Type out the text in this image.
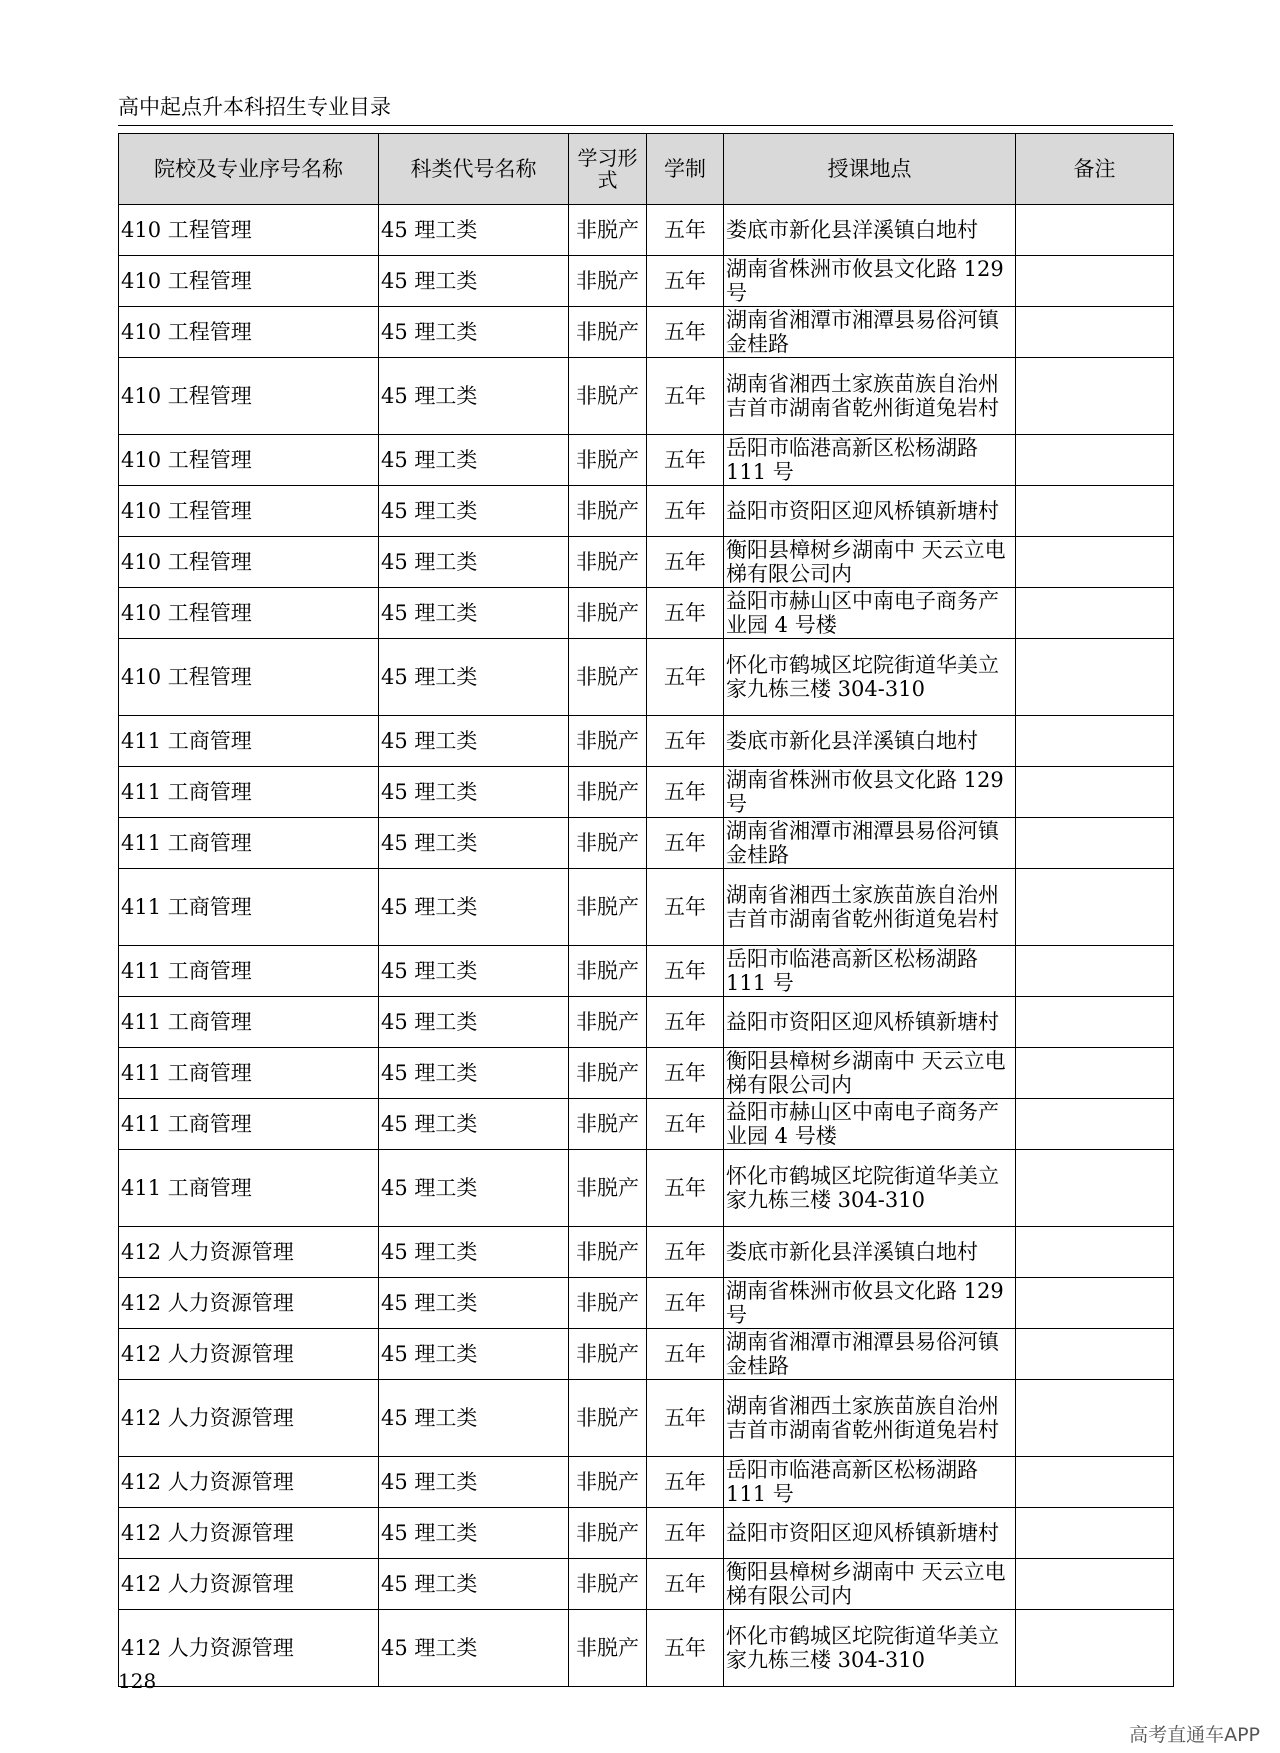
高中起点升本科招生专业目录
院校及专业序号名称	科类代号名称	学习形式	学制	授课地点	备注
410 工程管理	45 理工类	非脱产	五年	娄底市新化县洋溪镇白地村	
410 工程管理	45 理工类	非脱产	五年	湖南省株洲市攸县文化路 129 号	
410 工程管理	45 理工类	非脱产	五年	湖南省湘潭市湘潭县易俗河镇金桂路	
410 工程管理	45 理工类	非脱产	五年	湖南省湘西土家族苗族自治州吉首市湖南省乾州街道兔岩村	
410 工程管理	45 理工类	非脱产	五年	岳阳市临港高新区松杨湖路 111 号	
410 工程管理	45 理工类	非脱产	五年	益阳市资阳区迎风桥镇新塘村	
410 工程管理	45 理工类	非脱产	五年	衡阳县樟树乡湖南中 天云立电梯有限公司内	
410 工程管理	45 理工类	非脱产	五年	益阳市赫山区中南电子商务产业园 4 号楼	
410 工程管理	45 理工类	非脱产	五年	怀化市鹤城区坨院街道华美立家九栋三楼 304-310	
411 工商管理	45 理工类	非脱产	五年	娄底市新化县洋溪镇白地村	
411 工商管理	45 理工类	非脱产	五年	湖南省株洲市攸县文化路 129 号	
411 工商管理	45 理工类	非脱产	五年	湖南省湘潭市湘潭县易俗河镇金桂路	
411 工商管理	45 理工类	非脱产	五年	湖南省湘西土家族苗族自治州吉首市湖南省乾州街道兔岩村	
411 工商管理	45 理工类	非脱产	五年	岳阳市临港高新区松杨湖路 111 号	
411 工商管理	45 理工类	非脱产	五年	益阳市资阳区迎风桥镇新塘村	
411 工商管理	45 理工类	非脱产	五年	衡阳县樟树乡湖南中 天云立电梯有限公司内	
411 工商管理	45 理工类	非脱产	五年	益阳市赫山区中南电子商务产业园 4 号楼	
411 工商管理	45 理工类	非脱产	五年	怀化市鹤城区坨院街道华美立家九栋三楼 304-310	
412 人力资源管理	45 理工类	非脱产	五年	娄底市新化县洋溪镇白地村	
412 人力资源管理	45 理工类	非脱产	五年	湖南省株洲市攸县文化路 129 号	
412 人力资源管理	45 理工类	非脱产	五年	湖南省湘潭市湘潭县易俗河镇金桂路	
412 人力资源管理	45 理工类	非脱产	五年	湖南省湘西土家族苗族自治州吉首市湖南省乾州街道兔岩村	
412 人力资源管理	45 理工类	非脱产	五年	岳阳市临港高新区松杨湖路 111 号	
412 人力资源管理	45 理工类	非脱产	五年	益阳市资阳区迎风桥镇新塘村	
412 人力资源管理	45 理工类	非脱产	五年	衡阳县樟树乡湖南中 天云立电梯有限公司内	
412 人力资源管理	45 理工类	非脱产	五年	怀化市鹤城区坨院街道华美立家九栋三楼 304-310	
128
高考直通车APP
